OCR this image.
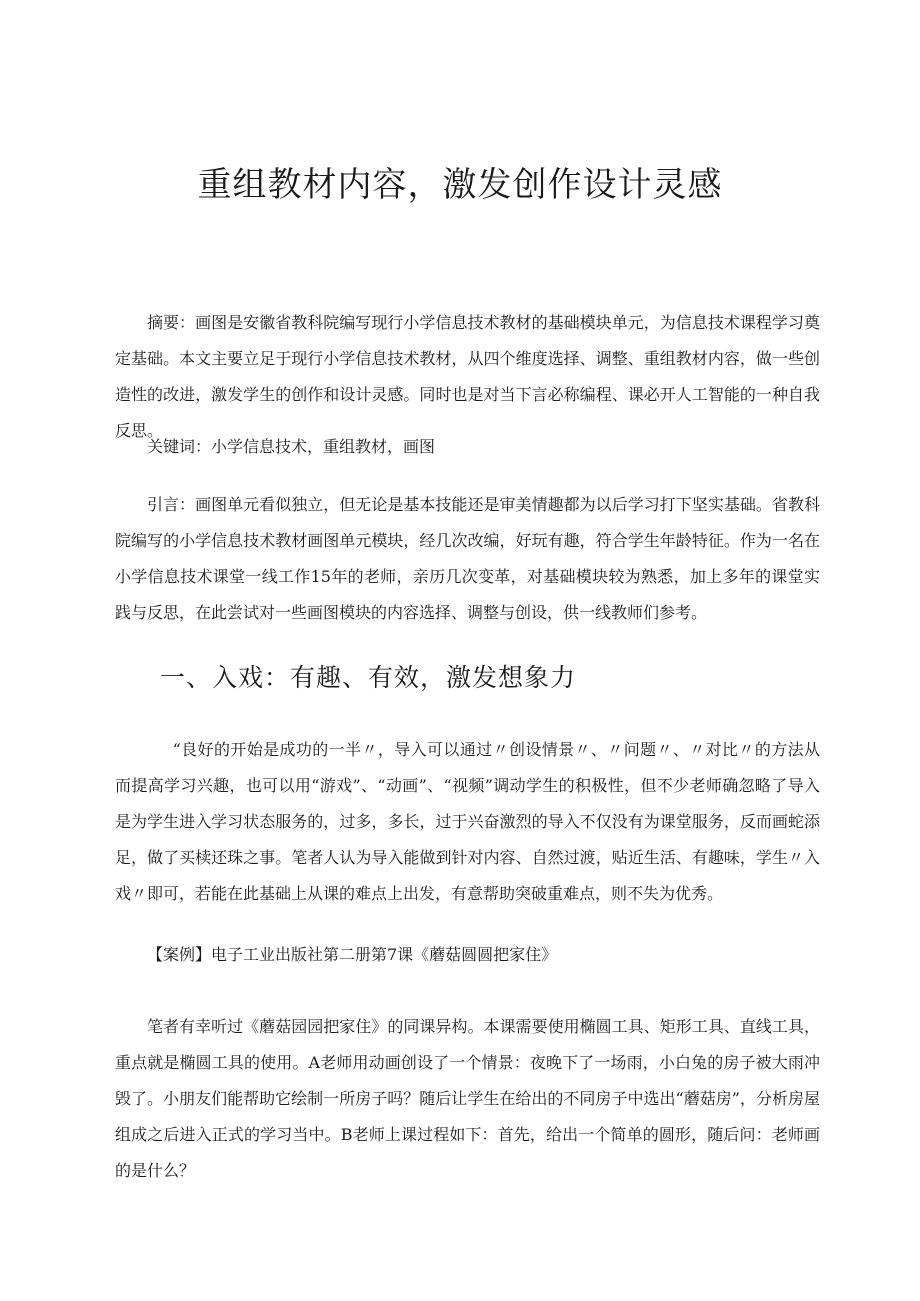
重组教材内容，激发创作设计灵感

摘要：画图是安徽省教科院编写现行小学信息技术教材的基础模块单元，为信息技术课程学习奠定基础。本文主要立足于现行小学信息技术教材，从四个维度选择、调整、重组教材内容，做一些创造性的改进，激发学生的创作和设计灵感。同时也是对当下言必称编程、课必开人工智能的一种自我反思。

关键词：小学信息技术，重组教材，画图

引言：画图单元看似独立，但无论是基本技能还是审美情趣都为以后学习打下坚实基础。省教科院编写的小学信息技术教材画图单元模块，经几次改编，好玩有趣，符合学生年龄特征。作为一名在小学信息技术课堂一线工作15年的老师，亲历几次变革，对基础模块较为熟悉，加上多年的课堂实践与反思，在此尝试对一些画图模块的内容选择、调整与创设，供一线教师们参考。

一、入戏：有趣、有效，激发想象力

“良好的开始是成功的一半〃，导入可以通过〃创设情景〃、〃问题〃、〃对比〃的方法从而提高学习兴趣，也可以用“游戏”、“动画”、“视频”调动学生的积极性，但不少老师确忽略了导入是为学生进入学习状态服务的，过多，多长，过于兴奋激烈的导入不仅没有为课堂服务，反而画蛇添足，做了买椟还珠之事。笔者人认为导入能做到针对内容、自然过渡，贴近生活、有趣味，学生〃入戏〃即可，若能在此基础上从课的难点上出发，有意帮助突破重难点，则不失为优秀。

【案例】电子工业出版社第二册第7课《蘑菇圆圆把家住》

笔者有幸听过《蘑菇园园把家住》的同课异构。本课需要使用椭圆工具、矩形工具、直线工具，重点就是椭圆工具的使用。A老师用动画创设了一个情景：夜晚下了一场雨，小白兔的房子被大雨冲毁了。小朋友们能帮助它绘制一所房子吗？随后让学生在给出的不同房子中选出“蘑菇房”，分析房屋组成之后进入正式的学习当中。B老师上课过程如下：首先，给出一个简单的圆形，随后问：老师画的是什么？
